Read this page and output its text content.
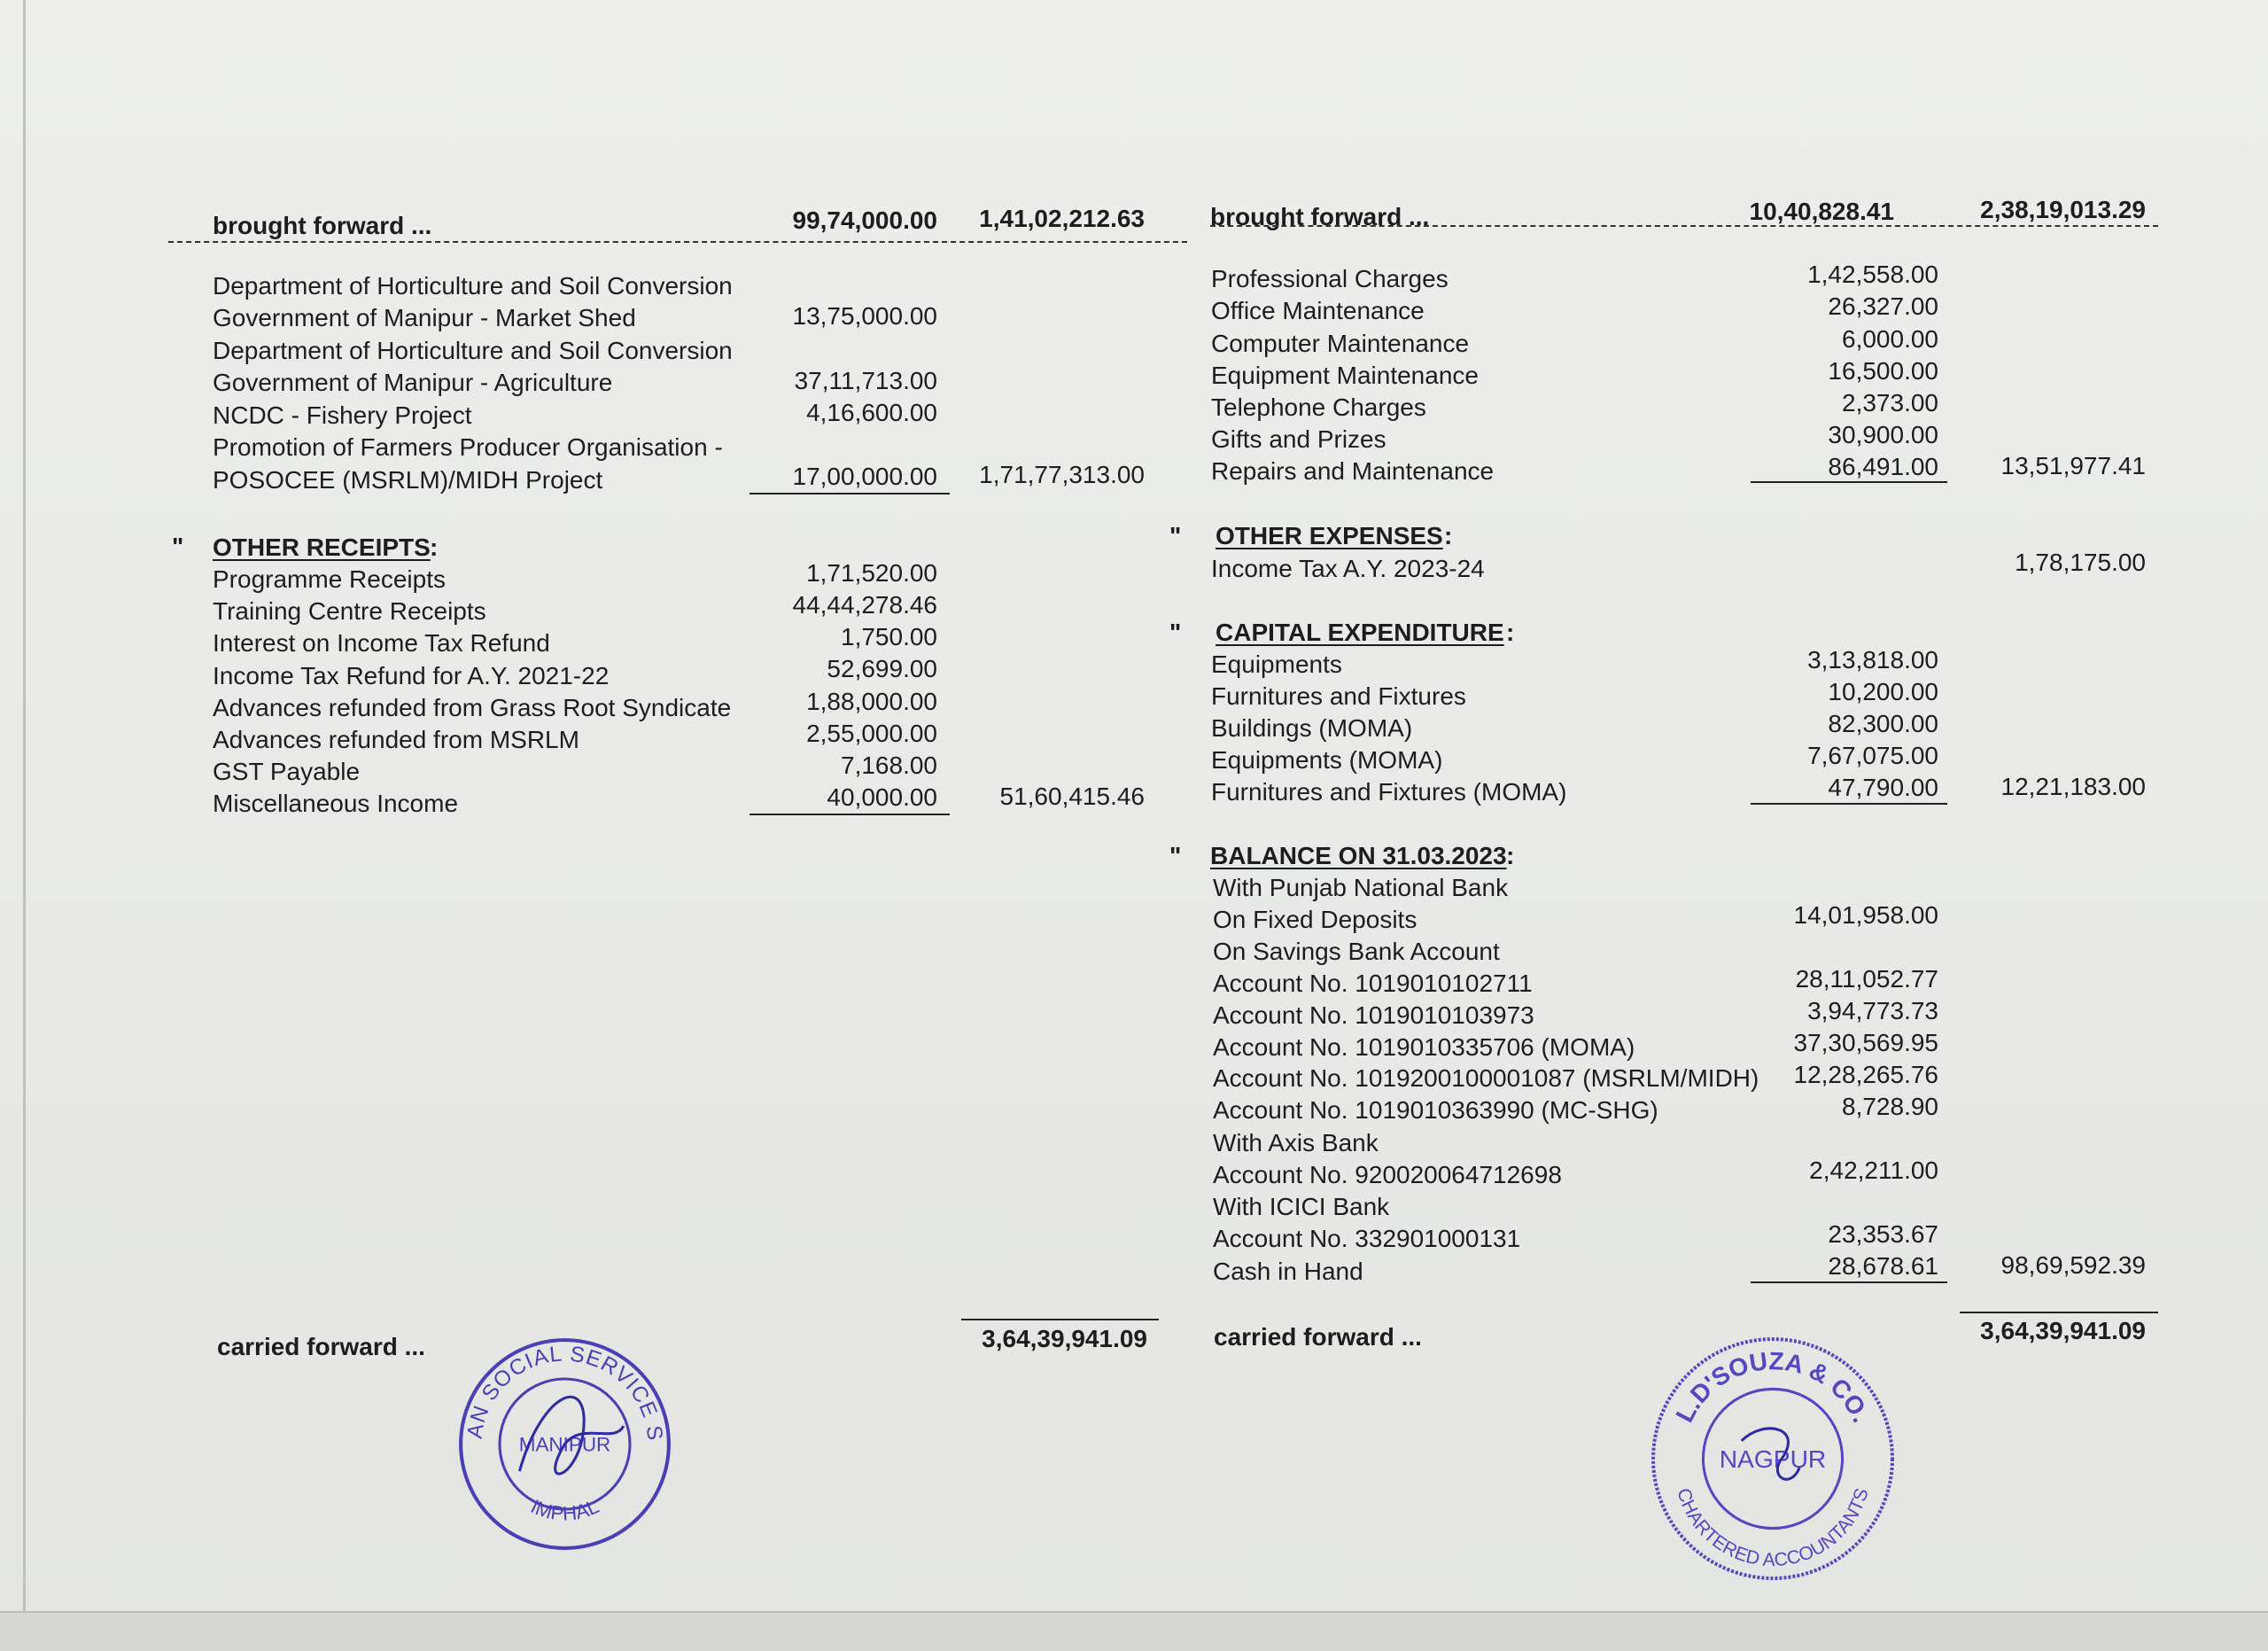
brought forward ...	99,74,000.00	1,41,02,212.63
Department of Horticulture and Soil Conversion
Government of Manipur - Market Shed	13,75,000.00
Department of Horticulture and Soil Conversion
Government of Manipur - Agriculture	37,11,713.00
NCDC - Fishery Project	4,16,600.00
Promotion of Farmers Producer Organisation -
POSOCEE (MSRLM)/MIDH Project	17,00,000.00	1,71,77,313.00
" OTHER RECEIPTS :
Programme Receipts	1,71,520.00
Training Centre Receipts	44,44,278.46
Interest on Income Tax Refund	1,750.00
Income Tax Refund for A.Y. 2021-22	52,699.00
Advances refunded from Grass Root Syndicate	1,88,000.00
Advances refunded from MSRLM	2,55,000.00
GST Payable	7,168.00
Miscellaneous Income	40,000.00	51,60,415.46
carried forward ...	3,64,39,941.09
brought forward ...	10,40,828.41	2,38,19,013.29
Professional Charges	1,42,558.00
Office Maintenance	26,327.00
Computer Maintenance	6,000.00
Equipment Maintenance	16,500.00
Telephone Charges	2,373.00
Gifts and Prizes	30,900.00
Repairs and Maintenance	86,491.00	13,51,977.41
" OTHER EXPENSES :
Income Tax A.Y. 2023-24	1,78,175.00
" CAPITAL EXPENDITURE :
Equipments	3,13,818.00
Furnitures and Fixtures	10,200.00
Buildings (MOMA)	82,300.00
Equipments (MOMA)	7,67,075.00
Furnitures and Fixtures (MOMA)	47,790.00	12,21,183.00
" BALANCE ON 31.03.2023 :
With Punjab National Bank
On Fixed Deposits	14,01,958.00
On Savings Bank Account
Account No. 1019010102711	28,11,052.77
Account No. 1019010103973	3,94,773.73
Account No. 1019010335706 (MOMA)	37,30,569.95
Account No. 1019200100001087 (MSRLM/MIDH)	12,28,265.76
Account No. 1019010363990 (MC-SHG)	8,728.90
With Axis Bank
Account No. 920020064712698	2,42,211.00
With ICICI Bank
Account No. 332901000131	23,353.67
Cash in Hand	28,678.61	98,69,592.39
carried forward ...	3,64,39,941.09
AN SOCIAL SERVICE S
IMPHAL
MANIPUR
L.D'SOUZA & CO.
CHARTERED ACCOUNTANTS
NAGPUR
